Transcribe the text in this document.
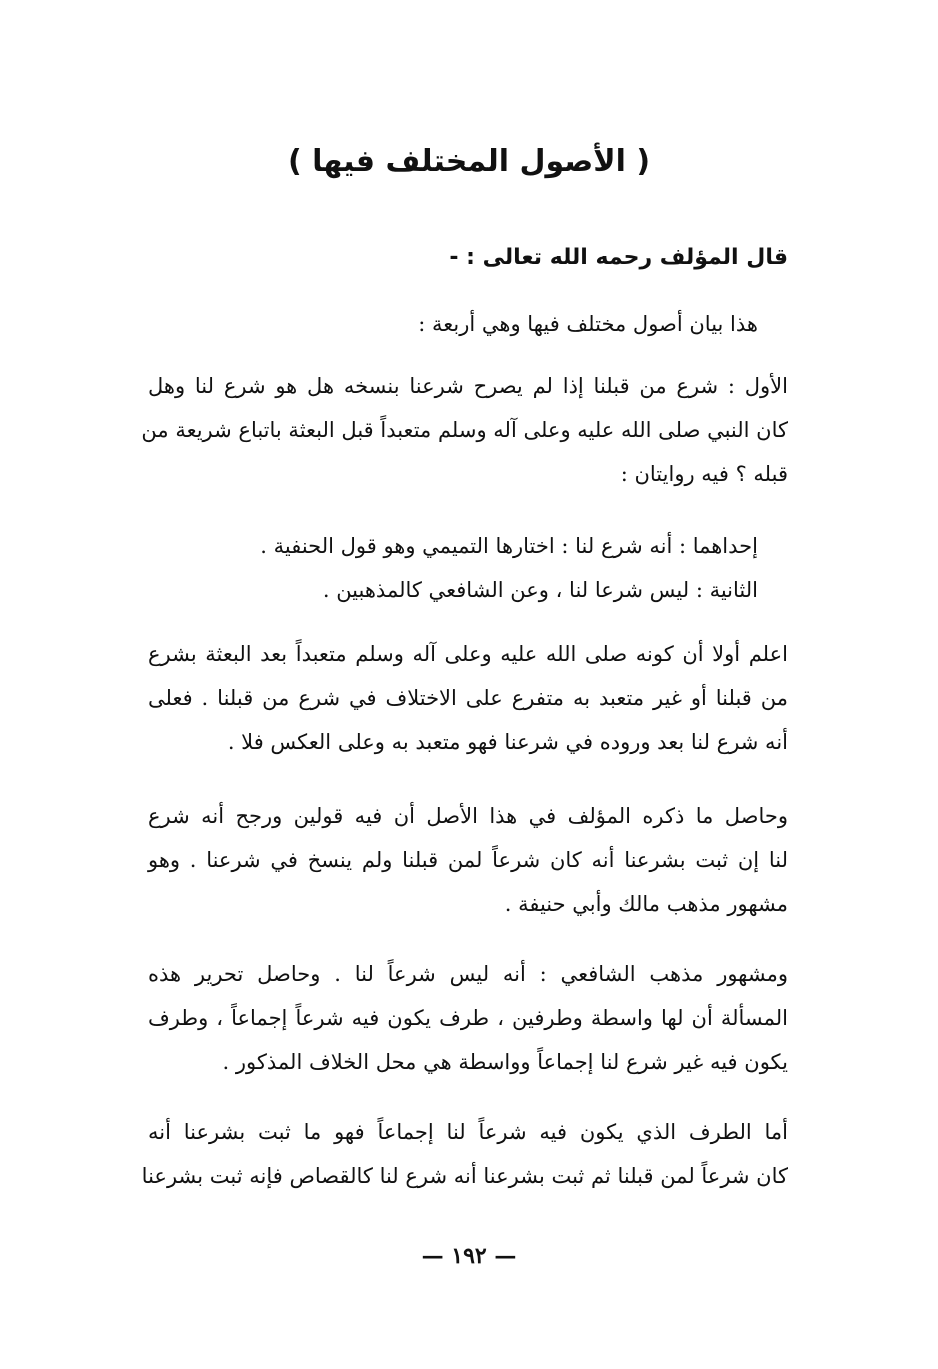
( الأصول المختلف فيها )
قال المؤلف رحمه الله تعالى : -
هذا بيان أصول مختلف فيها وهي أربعة :
الأول : شرع من قبلنا إذا لم يصرح شرعنا بنسخه هل هو شرع لنا وهل
كان النبي صلى الله عليه وعلى آله وسلم متعبداً قبل البعثة باتباع شريعة من
قبله ؟ فيه روايتان :
إحداهما : أنه شرع لنا : اختارها التميمي وهو قول الحنفية .
الثانية : ليس شرعا لنا ، وعن الشافعي كالمذهبين .
اعلم أولا أن كونه صلى الله عليه وعلى آله وسلم متعبداً بعد البعثة بشرع
من قبلنا أو غير متعبد به متفرع على الاختلاف في شرع من قبلنا . فعلى
أنه شرع لنا بعد وروده في شرعنا فهو متعبد به وعلى العكس فلا .
وحاصل ما ذكره المؤلف في هذا الأصل أن فيه قولين ورجح أنه شرع
لنا إن ثبت بشرعنا أنه كان شرعاً لمن قبلنا ولم ينسخ في شرعنا . وهو
مشهور مذهب مالك وأبي حنيفة .
ومشهور مذهب الشافعي : أنه ليس شرعاً لنا . وحاصل تحرير هذه
المسألة أن لها واسطة وطرفين ، طرف يكون فيه شرعاً إجماعاً ، وطرف
يكون فيه غير شرع لنا إجماعاً وواسطة هي محل الخلاف المذكور .
أما الطرف الذي يكون فيه شرعاً لنا إجماعاً فهو ما ثبت بشرعنا أنه
كان شرعاً لمن قبلنا ثم ثبت بشرعنا أنه شرع لنا كالقصاص فإنه ثبت بشرعنا
— ١٩٢ —
